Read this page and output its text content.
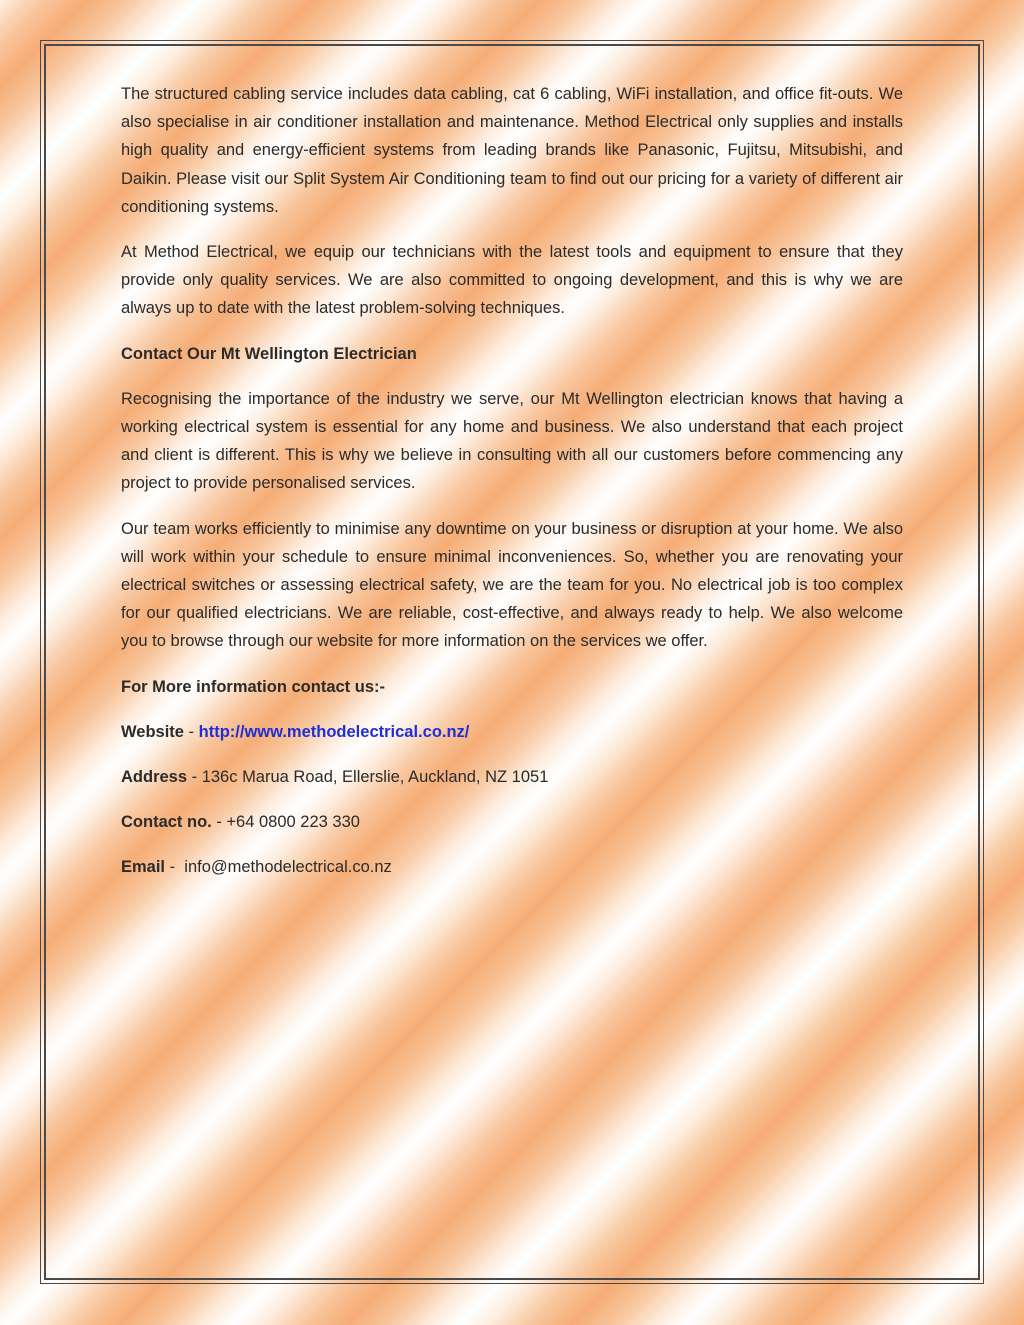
The structured cabling service includes data cabling, cat 6 cabling, WiFi installation, and office fit-outs. We also specialise in air conditioner installation and maintenance. Method Electrical only supplies and installs high quality and energy-efficient systems from leading brands like Panasonic, Fujitsu, Mitsubishi, and Daikin. Please visit our Split System Air Conditioning team to find out our pricing for a variety of different air conditioning systems.

At Method Electrical, we equip our technicians with the latest tools and equipment to ensure that they provide only quality services. We are also committed to ongoing development, and this is why we are always up to date with the latest problem-solving techniques.

Contact Our Mt Wellington Electrician

Recognising the importance of the industry we serve, our Mt Wellington electrician knows that having a working electrical system is essential for any home and business. We also understand that each project and client is different. This is why we believe in consulting with all our customers before commencing any project to provide personalised services.

Our team works efficiently to minimise any downtime on your business or disruption at your home. We also will work within your schedule to ensure minimal inconveniences. So, whether you are renovating your electrical switches or assessing electrical safety, we are the team for you. No electrical job is too complex for our qualified electricians. We are reliable, cost-effective, and always ready to help. We also welcome you to browse through our website for more information on the services we offer.

For More information contact us:-

Website - http://www.methodelectrical.co.nz/

Address - 136c Marua Road, Ellerslie, Auckland, NZ 1051

Contact no. - +64 0800 223 330

Email -  info@methodelectrical.co.nz
